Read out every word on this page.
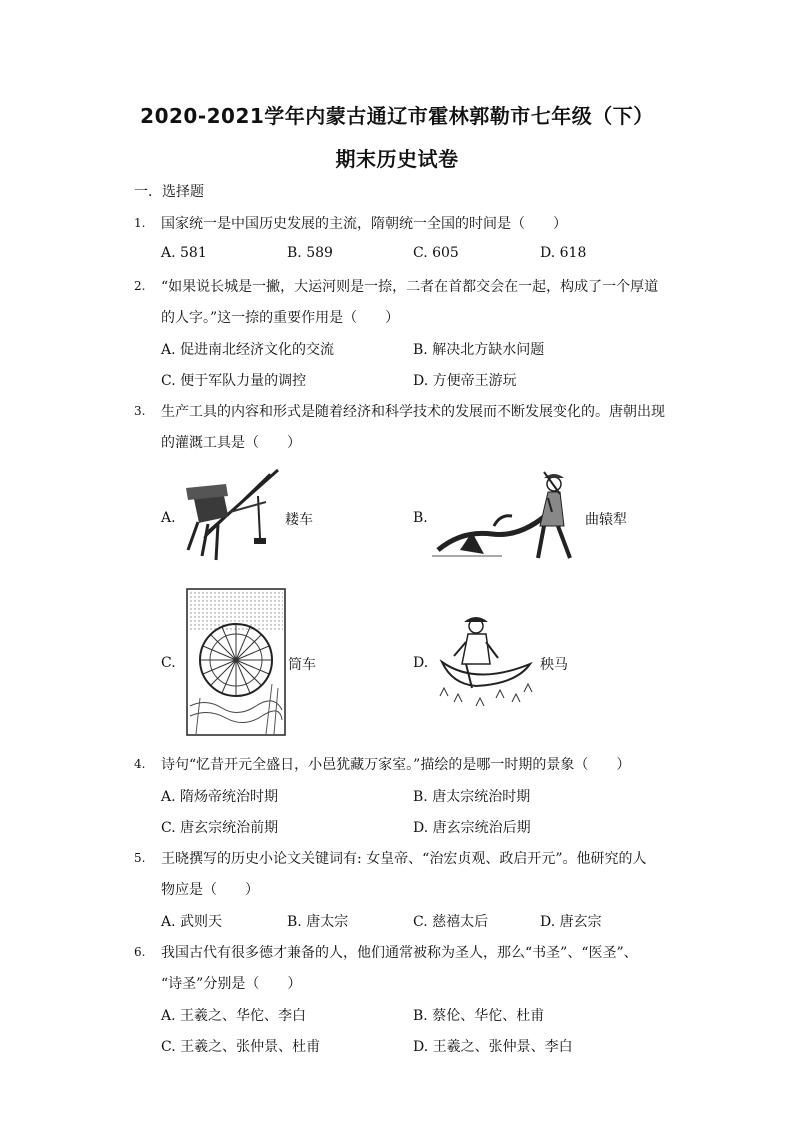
2020-2021学年内蒙古通辽市霍林郭勒市七年级（下）
期末历史试卷
一．选择题
1. 国家统一是中国历史发展的主流，隋朝统一全国的时间是（　　）
A. 581	B. 589	C. 605	D. 618
2. “如果说长城是一撇，大运河则是一捺，二者在首都交会在一起，构成了一个厚道
的人字。”这一捺的重要作用是（　　）
A. 促进南北经济文化的交流	B. 解决北方缺水问题
C. 便于军队力量的调控	D. 方便帝王游玩
3. 生产工具的内容和形式是随着经济和科学技术的发展而不断发展变化的。唐朝出现
的灌溉工具是（　　）
A.	耧车	B.	曲辕犁
C.	筒车	D.	秧马
4. 诗句“忆昔开元全盛日，小邑犹藏万家室。”描绘的是哪一时期的景象（　　）
A. 隋炀帝统治时期	B. 唐太宗统治时期
C. 唐玄宗统治前期	D. 唐玄宗统治后期
5. 王晓撰写的历史小论文关键词有: 女皇帝、“治宏贞观、政启开元”。他研究的人
物应是（　　）
A. 武则天	B. 唐太宗	C. 慈禧太后	D. 唐玄宗
6. 我国古代有很多德才兼备的人，他们通常被称为圣人，那么“书圣”、“医圣”、
“诗圣”分别是（　　）
A. 王羲之、华佗、李白	B. 蔡伦、华佗、杜甫
C. 王羲之、张仲景、杜甫	D. 王羲之、张仲景、李白
